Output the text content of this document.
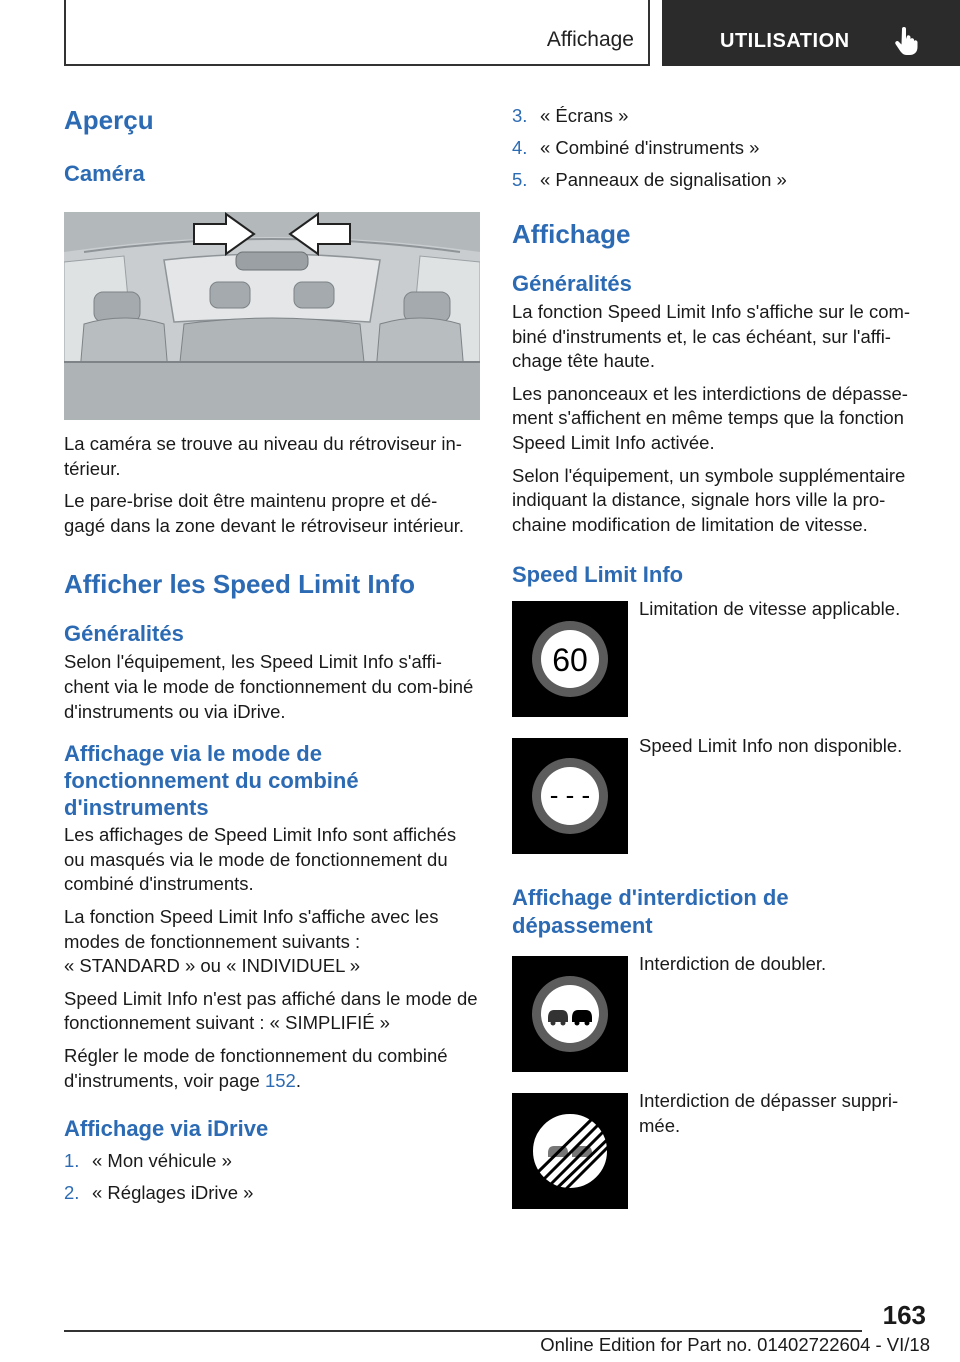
Affichage	UTILISATION
Aperçu
Caméra
La caméra se trouve au niveau du rétroviseur in‐térieur.
Le pare-brise doit être maintenu propre et dé‐gagé dans la zone devant le rétroviseur intérieur.
Afficher les Speed Limit Info
Généralités
Selon l'équipement, les Speed Limit Info s'affi‐chent via le mode de fonctionnement du com‐biné d'instruments ou via iDrive.
Affichage via le mode de fonctionnement du combiné d'instruments
Les affichages de Speed Limit Info sont affichés ou masqués via le mode de fonctionnement du combiné d'instruments.
La fonction Speed Limit Info s'affiche avec les modes de fonctionnement suivants :
« STANDARD » ou « INDIVIDUEL »
Speed Limit Info n'est pas affiché dans le mode de fonctionnement suivant : « SIMPLIFIÉ »
Régler le mode de fonctionnement du combiné d'instruments, voir page 152.
Affichage via iDrive
1. « Mon véhicule »
2. « Réglages iDrive »
3. « Écrans »
4. « Combiné d'instruments »
5. « Panneaux de signalisation »
Affichage
Généralités
La fonction Speed Limit Info s'affiche sur le com‐biné d'instruments et, le cas échéant, sur l'affi‐chage tête haute.
Les panonceaux et les interdictions de dépasse‐ment s'affichent en même temps que la fonction Speed Limit Info activée.
Selon l'équipement, un symbole supplémentaire indiquant la distance, signale hors ville la pro‐chaine modification de limitation de vitesse.
Speed Limit Info
60
Limitation de vitesse applicable.
- - -
Speed Limit Info non disponible.
Affichage d'interdiction de dépassement
Interdiction de doubler.
Interdiction de dépasser suppri‐mée.
163
Online Edition for Part no. 01402722604 - VI/18
